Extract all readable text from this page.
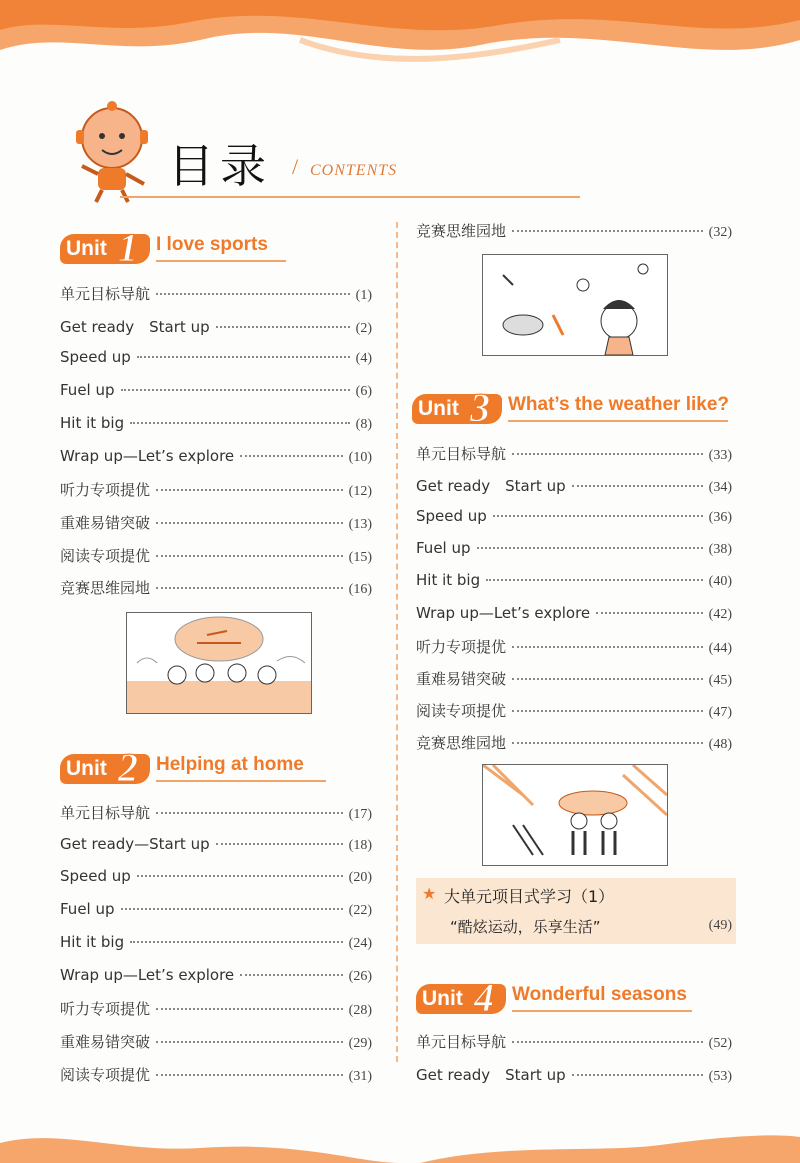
目录 / CONTENTS
Unit 1 I love sports
单元目标导航	(1)
Get ready　Start up	(2)
Speed up	(4)
Fuel up	(6)
Hit it big	(8)
Wrap up—Let’s explore	(10)
听力专项提优	(12)
重难易错突破	(13)
阅读专项提优	(15)
竞赛思维园地	(16)
Unit 2 Helping at home
单元目标导航	(17)
Get ready—Start up	(18)
Speed up	(20)
Fuel up	(22)
Hit it big	(24)
Wrap up—Let’s explore	(26)
听力专项提优	(28)
重难易错突破	(29)
阅读专项提优	(31)
竞赛思维园地	(32)
Unit 3 What’s the weather like?
单元目标导航	(33)
Get ready　Start up	(34)
Speed up	(36)
Fuel up	(38)
Hit it big	(40)
Wrap up—Let’s explore	(42)
听力专项提优	(44)
重难易错突破	(45)
阅读专项提优	(47)
竞赛思维园地	(48)
★ 大单元项目式学习（1）
“酷炫运动，乐享生活”	(49)
Unit 4 Wonderful seasons
单元目标导航	(52)
Get ready　Start up	(53)
